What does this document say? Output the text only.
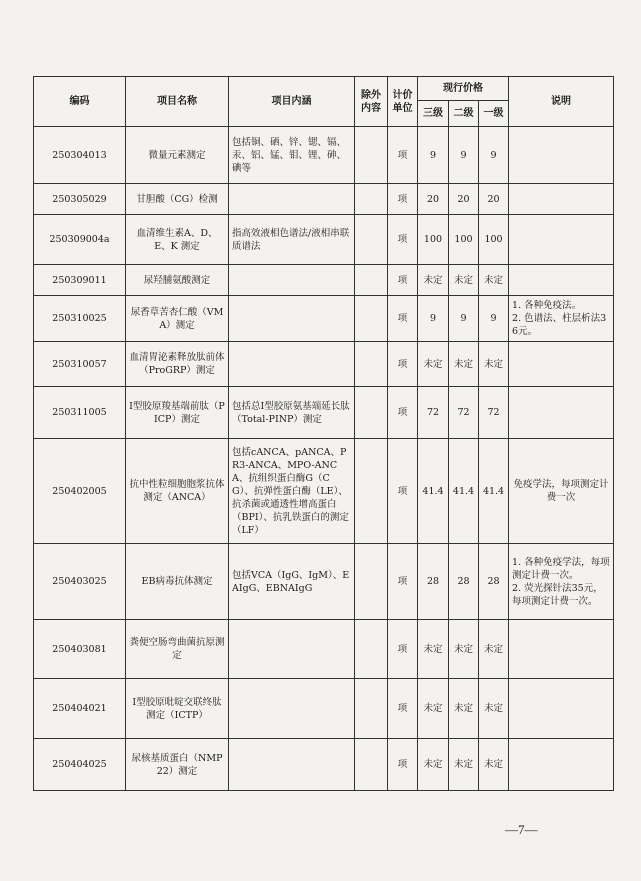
编码	项目名称	项目内涵	除外内容	计价单位	现行价格			说明
					三级	二级	一级	
250304013	微量元素测定	包括铜、硒、锌、锶、镉、汞、铝、锰、钼、锂、砷、碘等		项	9	9	9	
250305029	甘胆酸（CG）检测			项	20	20	20	
250309004a	血清维生素A、D、E、K 测定	指高效液相色谱法/液相串联质谱法		项	100	100	100	
250309011	尿羟脯氨酸测定			项	未定	未定	未定	
250310025	尿香草苦杏仁酸（VMA）测定			项	9	9	9	1. 各种免疫法。
2. 色谱法、柱层析法36元。
250310057	血清胃泌素释放肽前体（ProGRP）测定			项	未定	未定	未定	
250311005	I型胶原羧基端前肽（PICP）测定	包括总I型胶原氨基端延长肽（Total-PINP）测定		项	72	72	72	
250402005	抗中性粒细胞胞浆抗体测定（ANCA）	包括cANCA、pANCA、PR3-ANCA、MPO-ANCA、抗组织蛋白酶G（CG）、抗弹性蛋白酶（LE）、抗杀菌或通透性增高蛋白（BPI）、抗乳铁蛋白的测定（LF）		项	41.4	41.4	41.4	免疫学法，每项测定计费一次
250403025	EB病毒抗体测定	包括VCA（IgG、IgM）、EAIgG、EBNAIgG		项	28	28	28	1. 各种免疫学法，每项测定计费一次。
2. 荧光探针法35元，每项测定计费一次。
250403081	粪便空肠弯曲菌抗原测定			项	未定	未定	未定	
250404021	I型胶原吡啶交联终肽测定（ICTP）			项	未定	未定	未定	
250404025	尿核基质蛋白（NMP22）测定			项	未定	未定	未定	
—7—
